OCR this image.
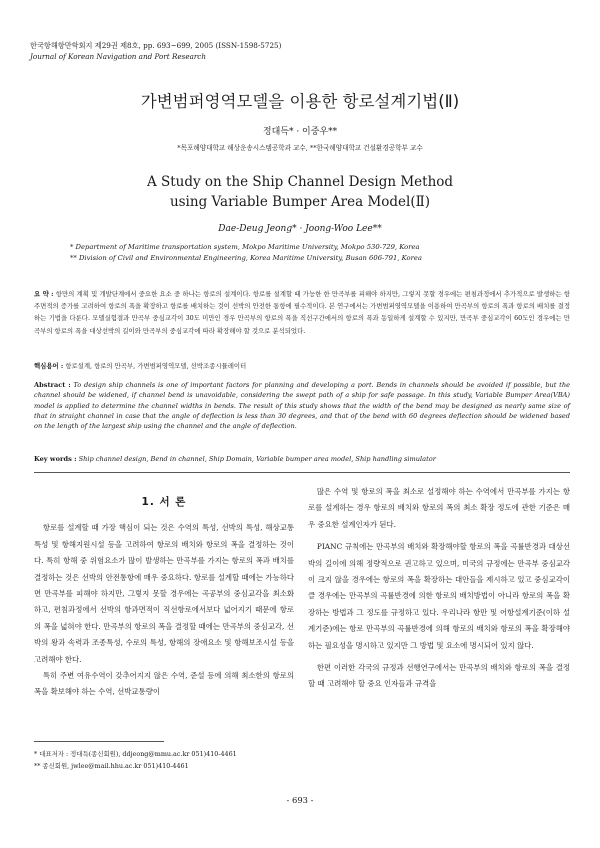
한국항해항만학회지 제29권 제8호, pp. 693~699, 2005 (ISSN-1598-5725)
Journal of Korean Navigation and Port Research
가변범퍼영역모델을 이용한 항로설계기법(Ⅱ)
정대득* · 이중우**
*목포해양대학교 해상운송시스템공학과 교수, **한국해양대학교 건설환경공학부 교수
A Study on the Ship Channel Design Method
using Variable Bumper Area Model(Ⅱ)
Dae-Deug Jeong* · Joong-Woo Lee**
* Department of Maritime transportation system, Mokpo Maritime University, Mokpo 530-729, Korea
** Division of Civil and Environmental Engineering, Korea Maritime University, Busan 606-791, Korea
요 약 : 항만의 계획 및 개발단계에서 중요한 요소 중 하나는 항로의 설계이다. 항로를 설계할 때 가능한 한 만곡부를 피해야 하지만, 그렇지 못할 경우에는 편침과정에서 추가적으로 발생하는 항주면적의 증가를 고려하여 항로의 폭을 확장하고 항로를 배치하는 것이 선박의 안전한 통항에 필수적이다. 본 연구에서는 가변범퍼영역모델을 이용하여 만곡부의 항로의 폭과 항로의 배치를 결정하는 기법을 다룬다. 모델실험결과 만곡부 중심교각이 30도 미만인 경우 만곡부의 항로의 폭을 직선구간에서의 항로의 폭과 동일하게 설계할 수 있지만, 만곡부 중심교각이 60도인 경우에는 만곡부의 항로의 폭을 대상선박의 길이와 만곡부의 중심교각에 따라 확장해야 할 것으로 분석되었다.
핵심용어 : 항로설계, 항로의 만곡부, 가변범퍼영역모델, 선박조종시뮬레이터
Abstract : To design ship channels is one of important factors for planning and developing a port. Bends in channels should be avoided if possible, but the channel should be widened, if channel bend is unavoidable, considering the swept path of a ship for safe passage. In this study, Variable Bumper Area(VBA) model is applied to determine the channel widths in bends. The result of this study shows that the width of the bend may be designed as nearly same size of that in straight channel in case that the angle of deflection is less than 30 degrees, and that of the bend with 60 degrees deflection should be widened based on the length of the largest ship using the channel and the angle of deflection.
Key words : Ship channel design, Bend in channel, Ship Domain, Variable bumper area model, Ship handling simulator
1. 서 론

항로를 설계할 때 가장 핵심이 되는 것은 수역의 특성, 선박의 특성, 해상교통 특성 및 항해지원시설 등을 고려하여 항로의 배치와 항로의 폭을 결정하는 것이다. 특히 항해 중 위험요소가 많이 발생하는 만곡부를 가지는 항로의 폭과 배치를 결정하는 것은 선박의 안전통항에 매우 중요하다. 항로를 설계할 때에는 가능하다면 만곡부를 피해야 하지만, 그렇지 못할 경우에는 곡공부의 중심교각을 최소화 하고, 편침과정에서 선박의 항과면적이 직선항로에서보다 넓어지기 때문에 항로의 폭을 넓혀야 한다. 만곡부의 항로의 폭을 결정할 때에는 만곡부의 중심교각, 선박의 왕과 속력과 조종특성, 수로의 특성, 항해의 장애요소 및 항해보조시설 등을 고려해야 한다.

특히 주변 여유수역이 갖추어지지 않은 수역, 준설 등에 의해 최소한의 항로의 폭을 확보해야 하는 수역, 선박교통량이

많은 수역 및 항로의 폭을 최소로 설정해야 하는 수역에서 만곡부를 가지는 항로를 설계하는 경우 항로의 배치와 항로의 폭의 최소 확장 정도에 관한 기준은 매우 중요한 설계인자가 된다.

PIANC 규칙에는 만곡부의 배치와 확장해야할 항로의 폭을 곡률반경과 대상선박의 길이에 의해 정량적으로 권고하고 있으며, 미국의 규정에는 만곡부 중심교각이 크지 않을 경우에는 항로의 폭을 확장하는 대안들을 제시하고 있고 중심교각이 클 경우에는 만곡부의 곡률반경에 의한 항로의 배치방법이 아니라 항로의 폭을 확장하는 방법과 그 정도를 규정하고 있다. 우리나라 항만 및 어항설계기준(이하 설계기준)에는 항로 만곡부의 곡률반경에 의해 항로의 배치와 항로의 폭을 확장해야하는 필요성을 명시하고 있지만 그 방법 및 요소에 명시되어 있지 않다.

한편 이러한 각국의 규정과 선행연구에서는 만곡부의 배치와 항로의 폭을 결정할 때 고려해야 할 중요 인자들과 규격을

* 대표저자 : 정대득(종신회원), ddjeong@mmu.ac.kr 051)410-4461
** 종신회원, jwlee@mail.hhu.ac.kr 051)410-4461
- 693 -
